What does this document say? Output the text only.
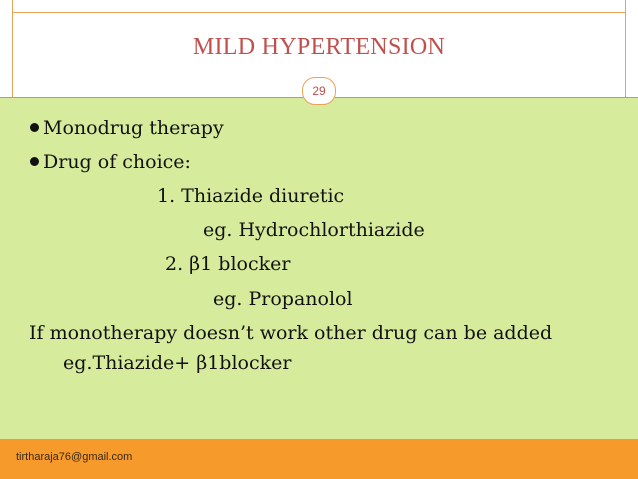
MILD HYPERTENSION
29
Monodrug therapy
Drug of choice:
1. Thiazide diuretic
eg. Hydrochlorthiazide
2. β1 blocker
eg. Propanolol
If monotherapy doesn’t work other drug can be added
eg.Thiazide+ β1blocker
tirtharaja76@gmail.com
